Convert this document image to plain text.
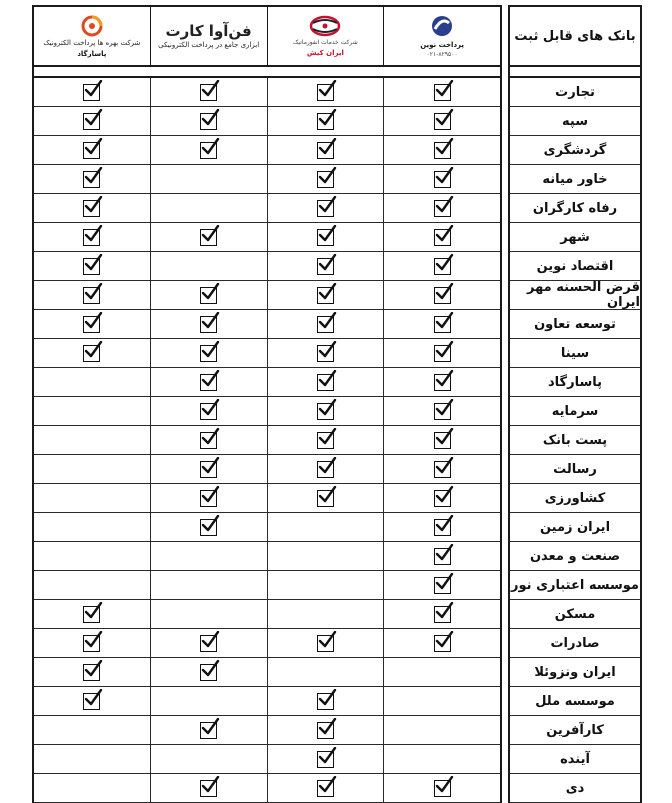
شرکت بهره ‌ها پرداخت الکترونیک
پاسارگاد
فن‌آوا کارت
ابزاری جامع در پرداخت الکترونیکی	شرکت خدمات انفورماتیک
ایران کیش
پرداخت نوین
۰۲۱-۸۲۹۵۰۰
بانک های قابل ثبت
تجارت
سپه
گردشگری
خاور میانه
رفاه کارگران
شهر
اقتصاد نوین
قرض الحسنه مهر ایران
توسعه تعاون
سینا
پاسارگاد
سرمایه
پست بانک
رسالت
کشاورزی
ایران زمین
صنعت و معدن
موسسه اعتباری نور
مسکن
صادرات
ایران ونزوئلا
موسسه ملل
کارآفرین
آینده
دی
